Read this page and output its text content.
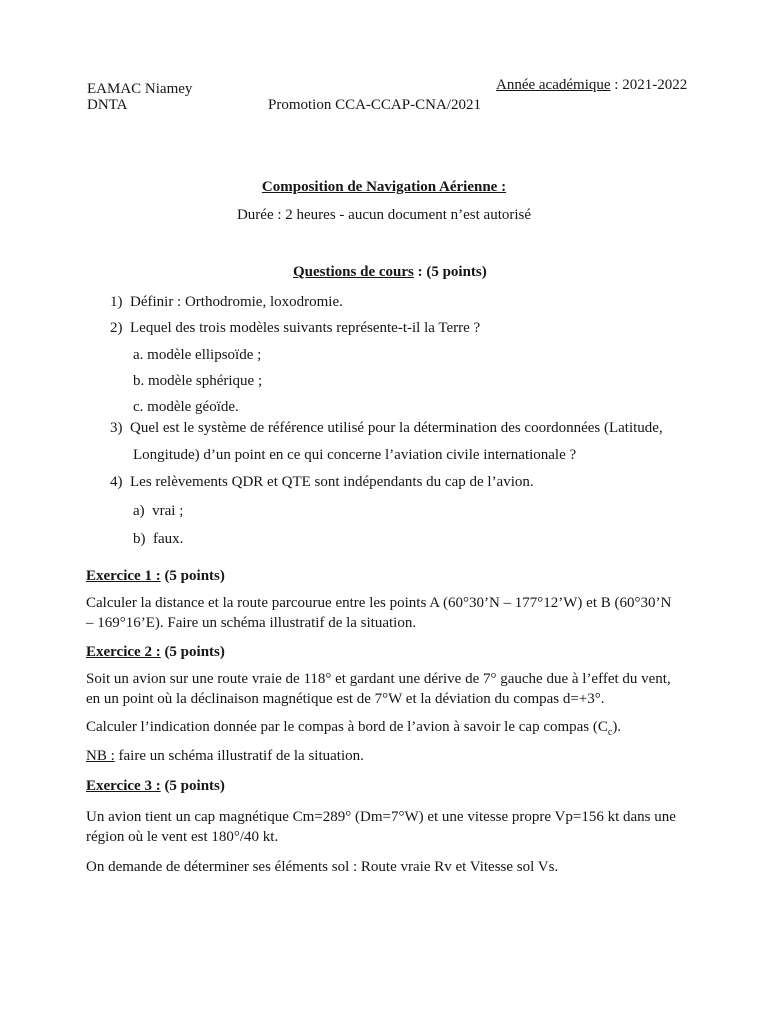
EAMAC Niamey
DNTA	Promotion CCA-CCAP-CNA/2021
Année académique : 2021-2022
Composition de Navigation Aérienne :
Durée : 2 heures - aucun document n’est autorisé
Questions de cours : (5 points)
1)  Définir : Orthodromie, loxodromie.
2)  Lequel des trois modèles suivants représente-t-il la Terre ?
a. modèle ellipsoïde ;
b. modèle sphérique ;
c. modèle géoïde.
3)  Quel est le système de référence utilisé pour la détermination des coordonnées (Latitude,
Longitude) d’un point en ce qui concerne l’aviation civile internationale ?
4)  Les relèvements QDR et QTE sont indépendants du cap de l’avion.
a)  vrai ;
b)  faux.
Exercice 1 : (5 points)
Calculer la distance et la route parcourue entre les points A (60°30’N – 177°12’W) et B (60°30’N
– 169°16’E). Faire un schéma illustratif de la situation.
Exercice 2 : (5 points)
Soit un avion sur une route vraie de 118° et gardant une dérive de 7° gauche due à l’effet du vent,
en un point où la déclinaison magnétique est de 7°W et la déviation du compas d=+3°.
Calculer l’indication donnée par le compas à bord de l’avion à savoir le cap compas $(C_c)$.
NB : faire un schéma illustratif de la situation.
Exercice 3 : (5 points)
Un avion tient un cap magnétique Cm=289° (Dm=7°W) et une vitesse propre Vp=156 kt dans une
région où le vent est 180°/40 kt.
On demande de déterminer ses éléments sol : Route vraie Rv et Vitesse sol Vs.
